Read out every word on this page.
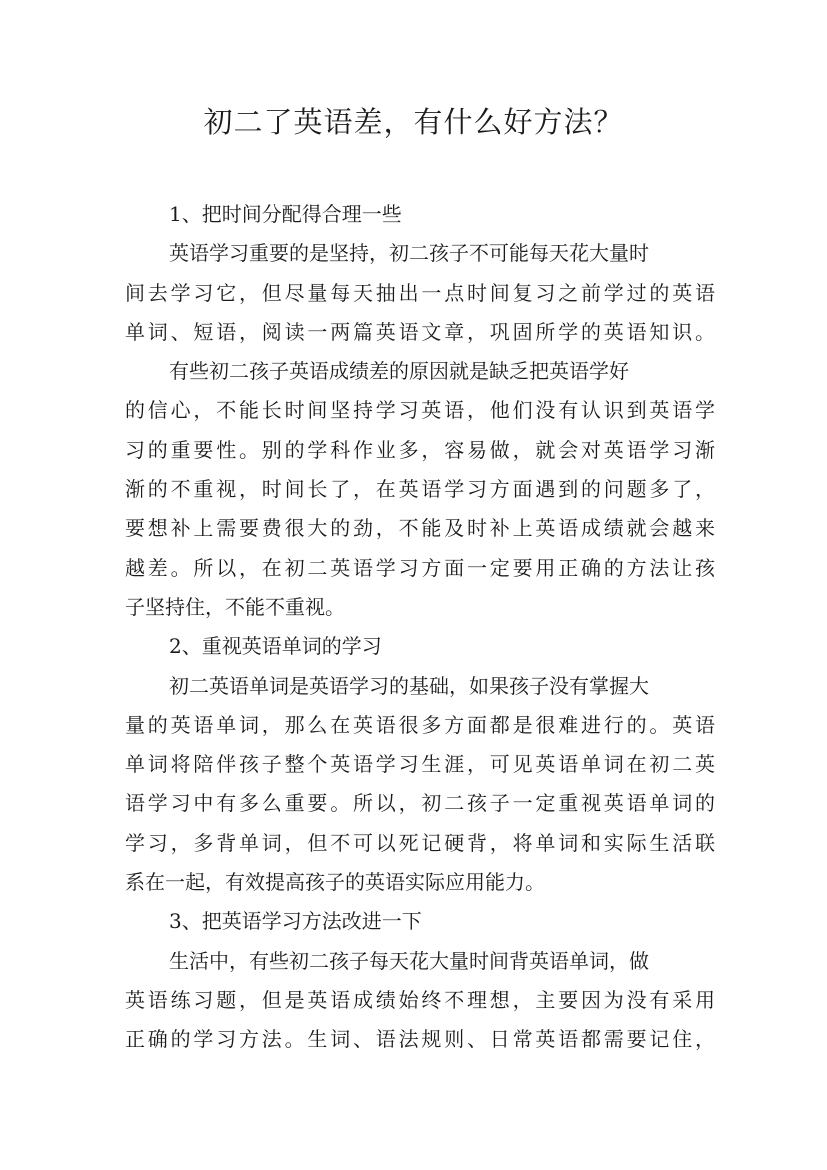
初二了英语差，有什么好方法？
1、把时间分配得合理一些
英语学习重要的是坚持，初二孩子不可能每天花大量时
间去学习它，但尽量每天抽出一点时间复习之前学过的英语
单词、短语，阅读一两篇英语文章，巩固所学的英语知识。
有些初二孩子英语成绩差的原因就是缺乏把英语学好
的信心，不能长时间坚持学习英语，他们没有认识到英语学
习的重要性。别的学科作业多，容易做，就会对英语学习渐
渐的不重视，时间长了，在英语学习方面遇到的问题多了，
要想补上需要费很大的劲，不能及时补上英语成绩就会越来
越差。所以，在初二英语学习方面一定要用正确的方法让孩
子坚持住，不能不重视。
2、重视英语单词的学习
初二英语单词是英语学习的基础，如果孩子没有掌握大
量的英语单词，那么在英语很多方面都是很难进行的。英语
单词将陪伴孩子整个英语学习生涯，可见英语单词在初二英
语学习中有多么重要。所以，初二孩子一定重视英语单词的
学习，多背单词，但不可以死记硬背，将单词和实际生活联
系在一起，有效提高孩子的英语实际应用能力。
3、把英语学习方法改进一下
生活中，有些初二孩子每天花大量时间背英语单词，做
英语练习题，但是英语成绩始终不理想，主要因为没有采用
正确的学习方法。生词、语法规则、日常英语都需要记住，
